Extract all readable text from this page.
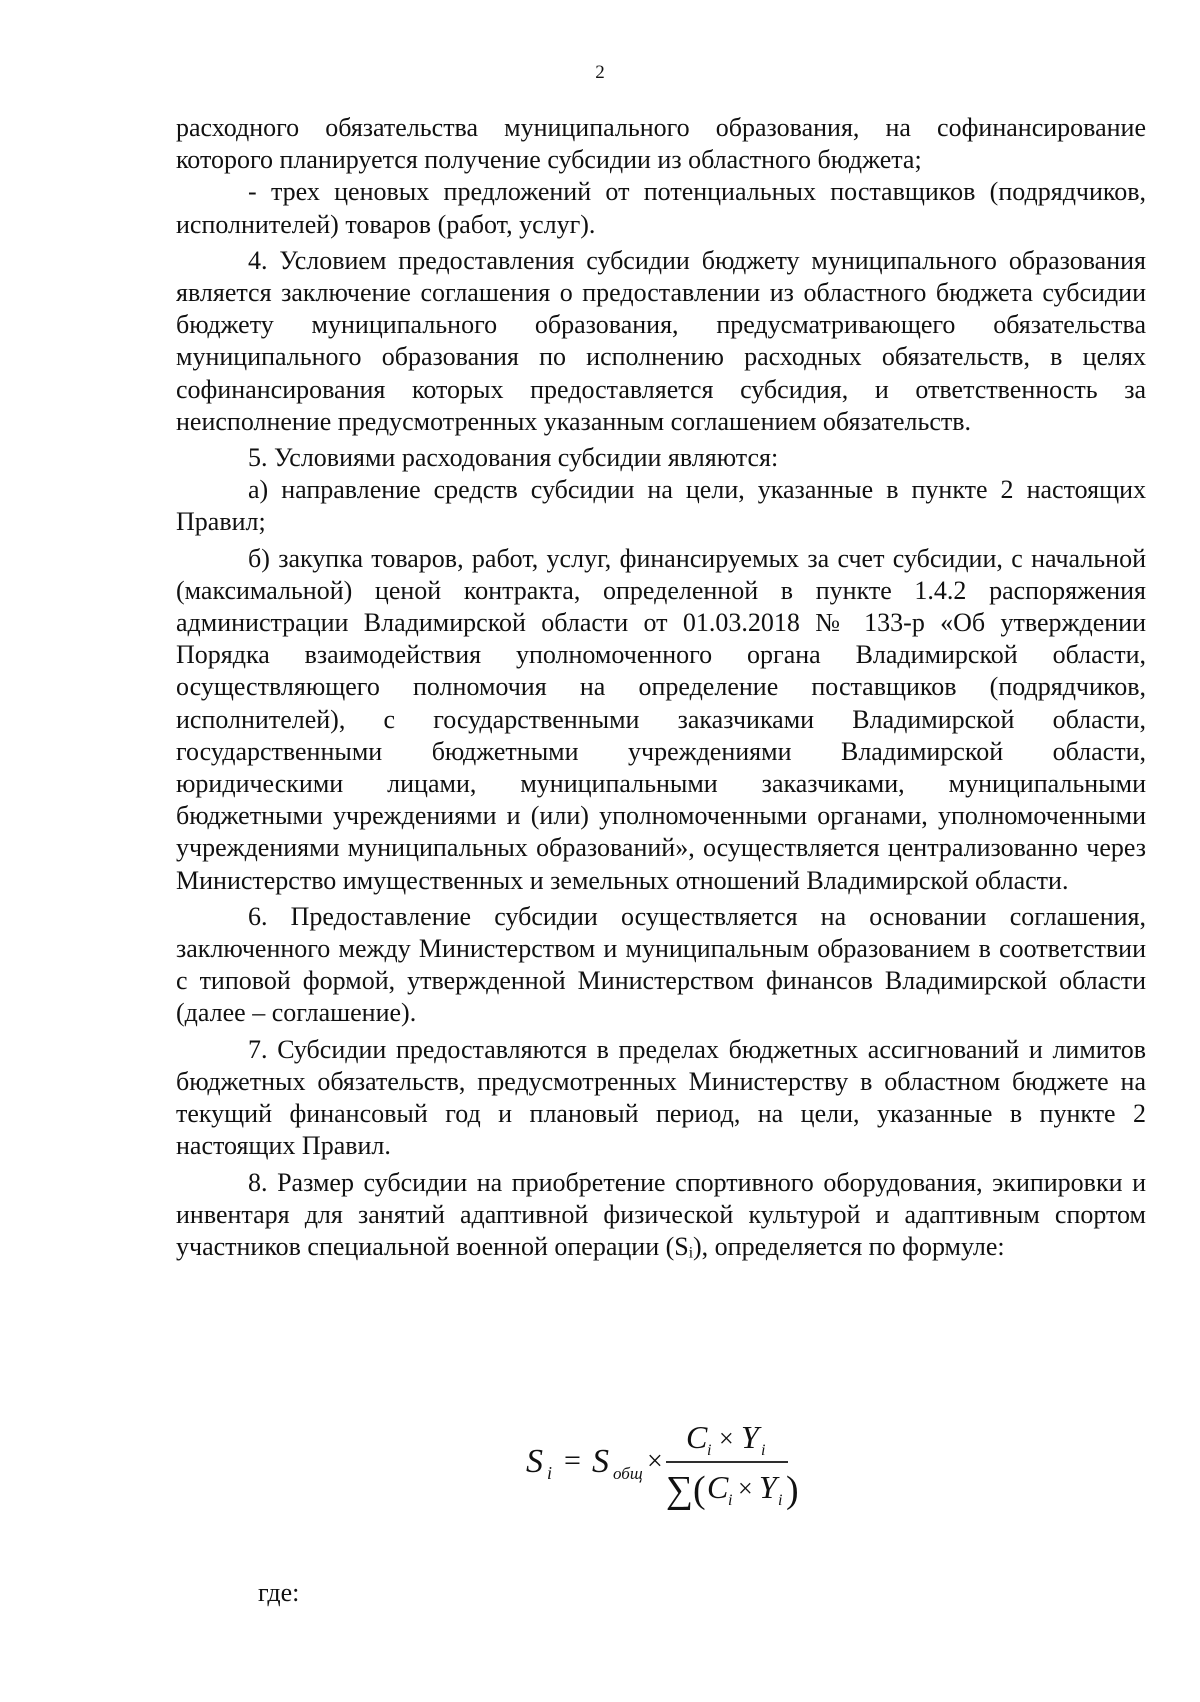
2

расходного обязательства муниципального образования, на софинансирование которого планируется получение субсидии из областного бюджета;

- трех ценовых предложений от потенциальных поставщиков (подрядчиков, исполнителей) товаров (работ, услуг).

4. Условием предоставления субсидии бюджету муниципального образования является заключение соглашения о предоставлении из областного бюджета субсидии бюджету муниципального образования, предусматривающего обязательства муниципального образования по исполнению расходных обязательств, в целях софинансирования которых предоставляется субсидия, и ответственность за неисполнение предусмотренных указанным соглашением обязательств.

5. Условиями расходования субсидии являются:

а) направление средств субсидии на цели, указанные в пункте 2 настоящих Правил;

б) закупка товаров, работ, услуг, финансируемых за счет субсидии, с начальной (максимальной) ценой контракта, определенной в пункте 1.4.2 распоряжения администрации Владимирской области от 01.03.2018 № 133-р «Об утверждении Порядка взаимодействия уполномоченного органа Владимирской области, осуществляющего полномочия на определение поставщиков (подрядчиков, исполнителей), с государственными заказчиками Владимирской области, государственными бюджетными учреждениями Владимирской области, юридическими лицами, муниципальными заказчиками, муниципальными бюджетными учреждениями и (или) уполномоченными органами, уполномоченными учреждениями муниципальных образований», осуществляется централизованно через Министерство имущественных и земельных отношений Владимирской области.

6. Предоставление субсидии осуществляется на основании соглашения, заключенного между Министерством и муниципальным образованием в соответствии с типовой формой, утвержденной Министерством финансов Владимирской области (далее – соглашение).

7. Субсидии предоставляются в пределах бюджетных ассигнований и лимитов бюджетных обязательств, предусмотренных Министерству в областном бюджете на текущий финансовый год и плановый период, на цели, указанные в пункте 2 настоящих Правил.

8. Размер субсидии на приобретение спортивного оборудования, экипировки и инвентаря для занятий адаптивной физической культурой и адаптивным спортом участников специальной военной операции (Sᵢ), определяется по формуле:

S i = S общ ×
C i × Y i
∑ ( C i × Y i )
где:
